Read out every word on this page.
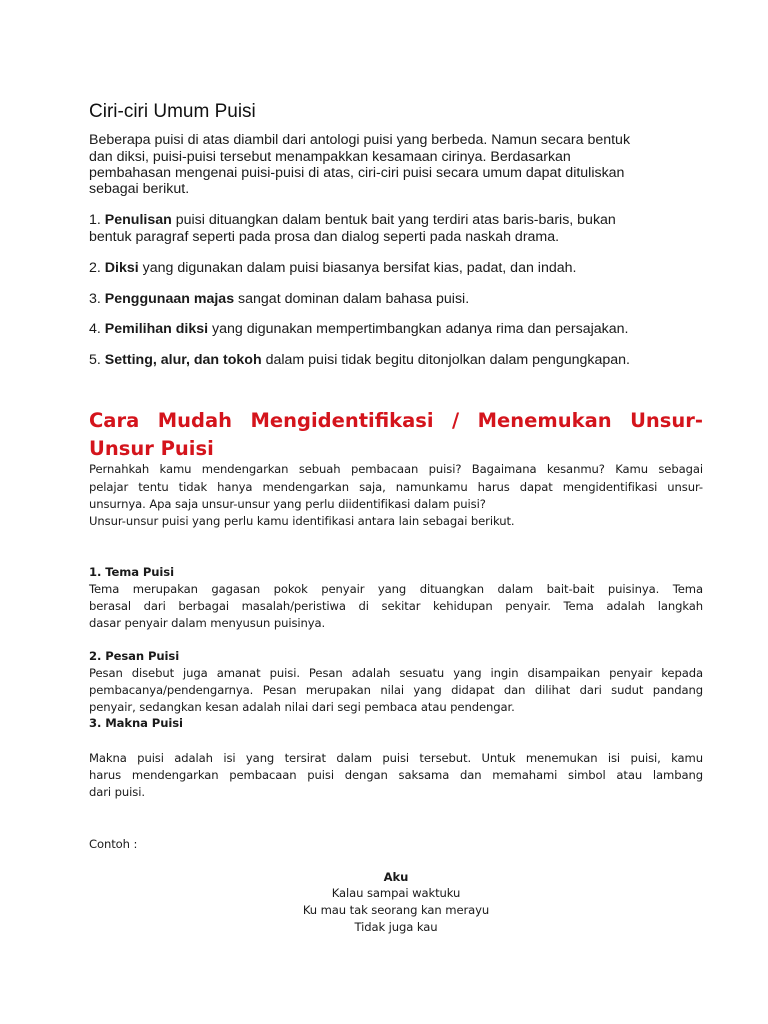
Ciri-ciri Umum Puisi
Beberapa puisi di atas diambil dari antologi puisi yang berbeda. Namun secara bentuk
dan diksi, puisi-puisi tersebut menampakkan kesamaan cirinya. Berdasarkan
pembahasan mengenai puisi-puisi di atas, ciri-ciri puisi secara umum dapat dituliskan
sebagai berikut.
1. Penulisan puisi dituangkan dalam bentuk bait yang terdiri atas baris-baris, bukan
bentuk paragraf seperti pada prosa dan dialog seperti pada naskah drama.
2. Diksi yang digunakan dalam puisi biasanya bersifat kias, padat, dan indah.
3. Penggunaan majas sangat dominan dalam bahasa puisi.
4. Pemilihan diksi yang digunakan mempertimbangkan adanya rima dan persajakan.
5. Setting, alur, dan tokoh dalam puisi tidak begitu ditonjolkan dalam pengungkapan.
Cara Mudah Mengidentifikasi / Menemukan Unsur-
Unsur Puisi
Pernahkah kamu mendengarkan sebuah pembacaan puisi? Bagaimana kesanmu? Kamu sebagai
pelajar tentu tidak hanya mendengarkan saja, namunkamu harus dapat mengidentifikasi unsur-
unsurnya. Apa saja unsur-unsur yang perlu diidentifikasi dalam puisi?
Unsur-unsur puisi yang perlu kamu identifikasi antara lain sebagai berikut.
1. Tema Puisi
Tema merupakan gagasan pokok penyair yang dituangkan dalam bait-bait puisinya. Tema
berasal dari berbagai masalah/peristiwa di sekitar kehidupan penyair. Tema adalah langkah
dasar penyair dalam menyusun puisinya.
2. Pesan Puisi
Pesan disebut juga amanat puisi. Pesan adalah sesuatu yang ingin disampaikan penyair kepada
pembacanya/pendengarnya. Pesan merupakan nilai yang didapat dan dilihat dari sudut pandang
penyair, sedangkan kesan adalah nilai dari segi pembaca atau pendengar.
3. Makna Puisi
Makna puisi adalah isi yang tersirat dalam puisi tersebut. Untuk menemukan isi puisi, kamu
harus mendengarkan pembacaan puisi dengan saksama dan memahami simbol atau lambang
dari puisi.
Contoh :
Aku
Kalau sampai waktuku
Ku mau tak seorang kan merayu
Tidak juga kau
